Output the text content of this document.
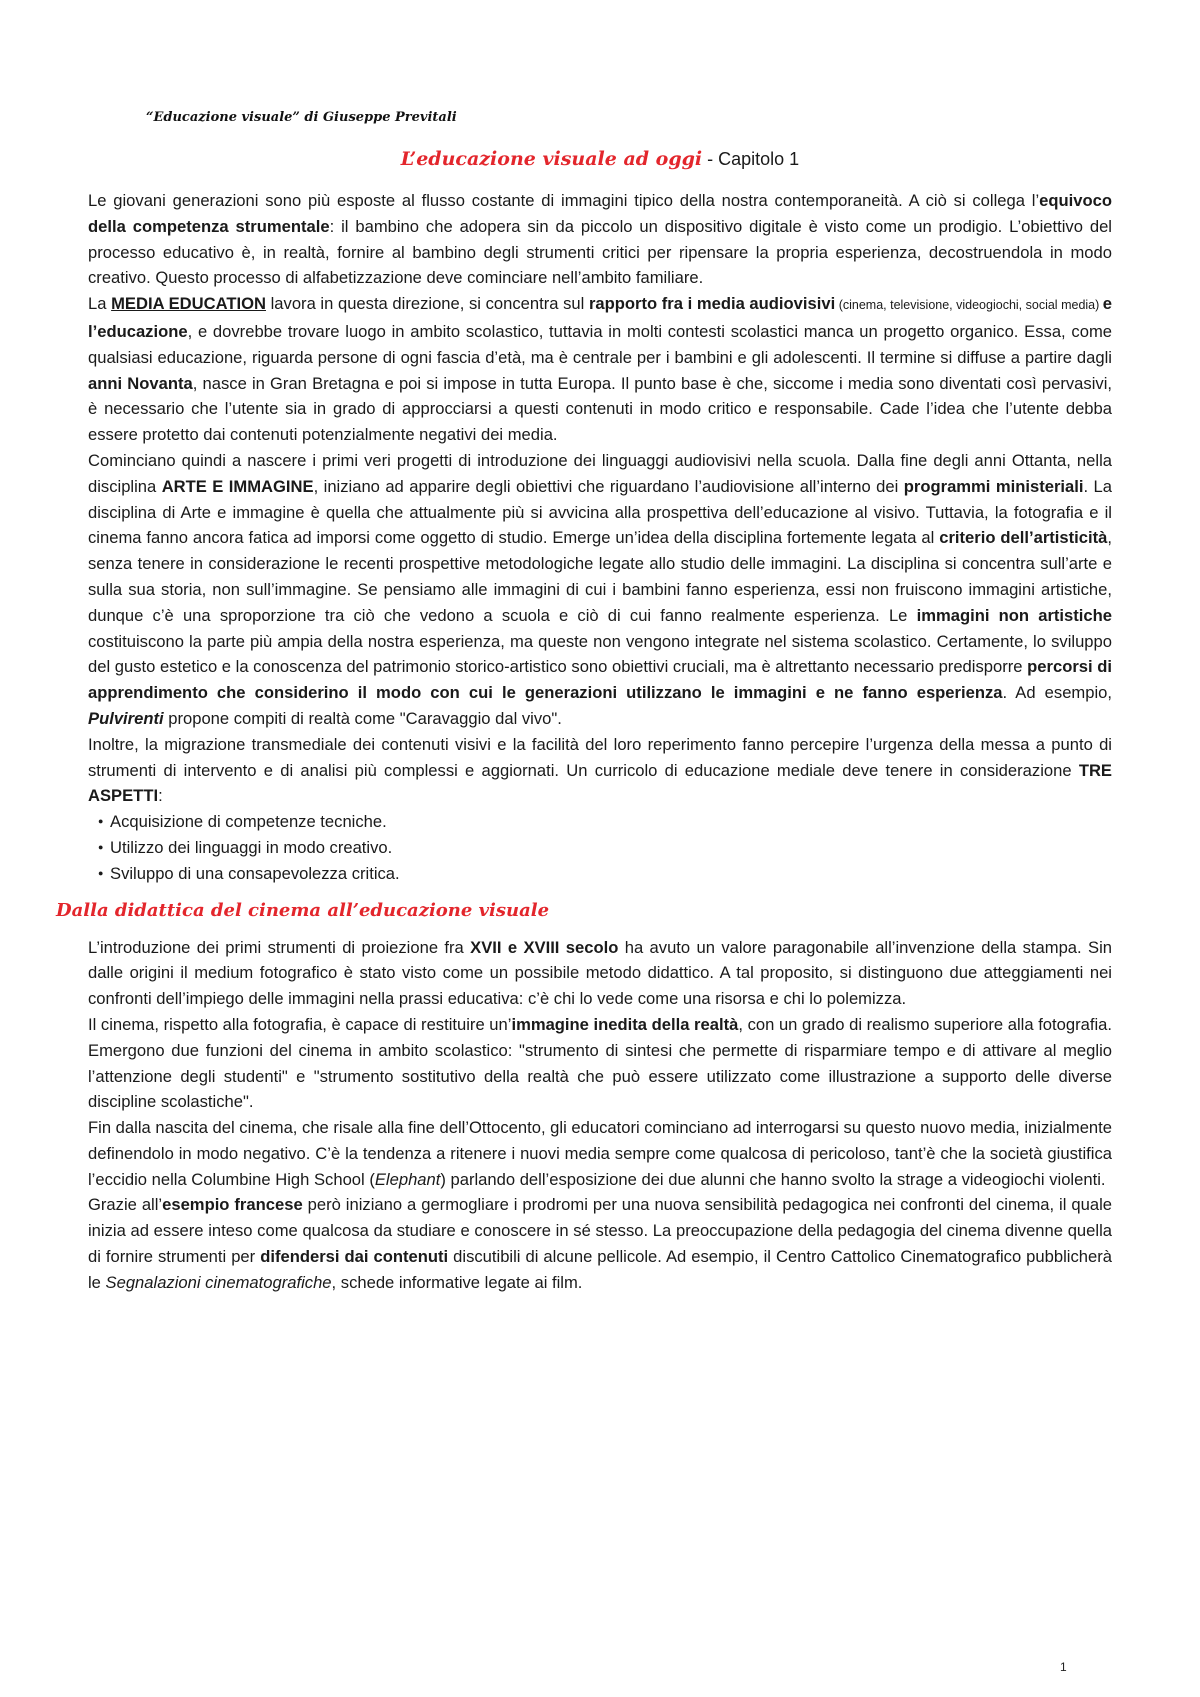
“Educazione visuale” di Giuseppe Previtali
L’educazione visuale ad oggi - Capitolo 1

Le giovani generazioni sono più esposte al flusso costante di immagini tipico della nostra contemporaneità. A ciò si collega l’equivoco della competenza strumentale: il bambino che adopera sin da piccolo un dispositivo digitale è visto come un prodigio. L’obiettivo del processo educativo è, in realtà, fornire al bambino degli strumenti critici per ripensare la propria esperienza, decostruendola in modo creativo. Questo processo di alfabetizzazione deve cominciare nell’ambito familiare.

La MEDIA EDUCATION lavora in questa direzione, si concentra sul rapporto fra i media audiovisivi (cinema, televisione, videogiochi, social media) e l’educazione, e dovrebbe trovare luogo in ambito scolastico, tuttavia in molti contesti scolastici manca un progetto organico. Essa, come qualsiasi educazione, riguarda persone di ogni fascia d’età, ma è centrale per i bambini e gli adolescenti. Il termine si diffuse a partire dagli anni Novanta, nasce in Gran Bretagna e poi si impose in tutta Europa. Il punto base è che, siccome i media sono diventati così pervasivi, è necessario che l’utente sia in grado di approcciarsi a questi contenuti in modo critico e responsabile. Cade l’idea che l’utente debba essere protetto dai contenuti potenzialmente negativi dei media.

Cominciano quindi a nascere i primi veri progetti di introduzione dei linguaggi audiovisivi nella scuola. Dalla fine degli anni Ottanta, nella disciplina ARTE E IMMAGINE, iniziano ad apparire degli obiettivi che riguardano l’audiovisione all’interno dei programmi ministeriali. La disciplina di Arte e immagine è quella che attualmente più si avvicina alla prospettiva dell’educazione al visivo. Tuttavia, la fotografia e il cinema fanno ancora fatica ad imporsi come oggetto di studio. Emerge un’idea della disciplina fortemente legata al criterio dell’artisticità, senza tenere in considerazione le recenti prospettive metodologiche legate allo studio delle immagini. La disciplina si concentra sull’arte e sulla sua storia, non sull’immagine. Se pensiamo alle immagini di cui i bambini fanno esperienza, essi non fruiscono immagini artistiche, dunque c’è una sproporzione tra ciò che vedono a scuola e ciò di cui fanno realmente esperienza. Le immagini non artistiche costituiscono la parte più ampia della nostra esperienza, ma queste non vengono integrate nel sistema scolastico. Certamente, lo sviluppo del gusto estetico e la conoscenza del patrimonio storico-artistico sono obiettivi cruciali, ma è altrettanto necessario predisporre percorsi di apprendimento che considerino il modo con cui le generazioni utilizzano le immagini e ne fanno esperienza. Ad esempio, Pulvirenti propone compiti di realtà come "Caravaggio dal vivo".

Inoltre, la migrazione transmediale dei contenuti visivi e la facilità del loro reperimento fanno percepire l’urgenza della messa a punto di strumenti di intervento e di analisi più complessi e aggiornati. Un curricolo di educazione mediale deve tenere in considerazione TRE ASPETTI:

● Acquisizione di competenze tecniche.
● Utilizzo dei linguaggi in modo creativo.
● Sviluppo di una consapevolezza critica.
Dalla didattica del cinema all’educazione visuale

L’introduzione dei primi strumenti di proiezione fra XVII e XVIII secolo ha avuto un valore paragonabile all’invenzione della stampa. Sin dalle origini il medium fotografico è stato visto come un possibile metodo didattico. A tal proposito, si distinguono due atteggiamenti nei confronti dell’impiego delle immagini nella prassi educativa: c’è chi lo vede come una risorsa e chi lo polemizza.

Il cinema, rispetto alla fotografia, è capace di restituire un’immagine inedita della realtà, con un grado di realismo superiore alla fotografia. Emergono due funzioni del cinema in ambito scolastico: "strumento di sintesi che permette di risparmiare tempo e di attivare al meglio l’attenzione degli studenti" e "strumento sostitutivo della realtà che può essere utilizzato come illustrazione a supporto delle diverse discipline scolastiche".

Fin dalla nascita del cinema, che risale alla fine dell’Ottocento, gli educatori cominciano ad interrogarsi su questo nuovo media, inizialmente definendolo in modo negativo. C’è la tendenza a ritenere i nuovi media sempre come qualcosa di pericoloso, tant’è che la società giustifica l’eccidio nella Columbine High School (Elephant) parlando dell’esposizione dei due alunni che hanno svolto la strage a videogiochi violenti.

Grazie all’esempio francese però iniziano a germogliare i prodromi per una nuova sensibilità pedagogica nei confronti del cinema, il quale inizia ad essere inteso come qualcosa da studiare e conoscere in sé stesso. La preoccupazione della pedagogia del cinema divenne quella di fornire strumenti per difendersi dai contenuti discutibili di alcune pellicole. Ad esempio, il Centro Cattolico Cinematografico pubblicherà le Segnalazioni cinematografiche, schede informative legate ai film.

1
